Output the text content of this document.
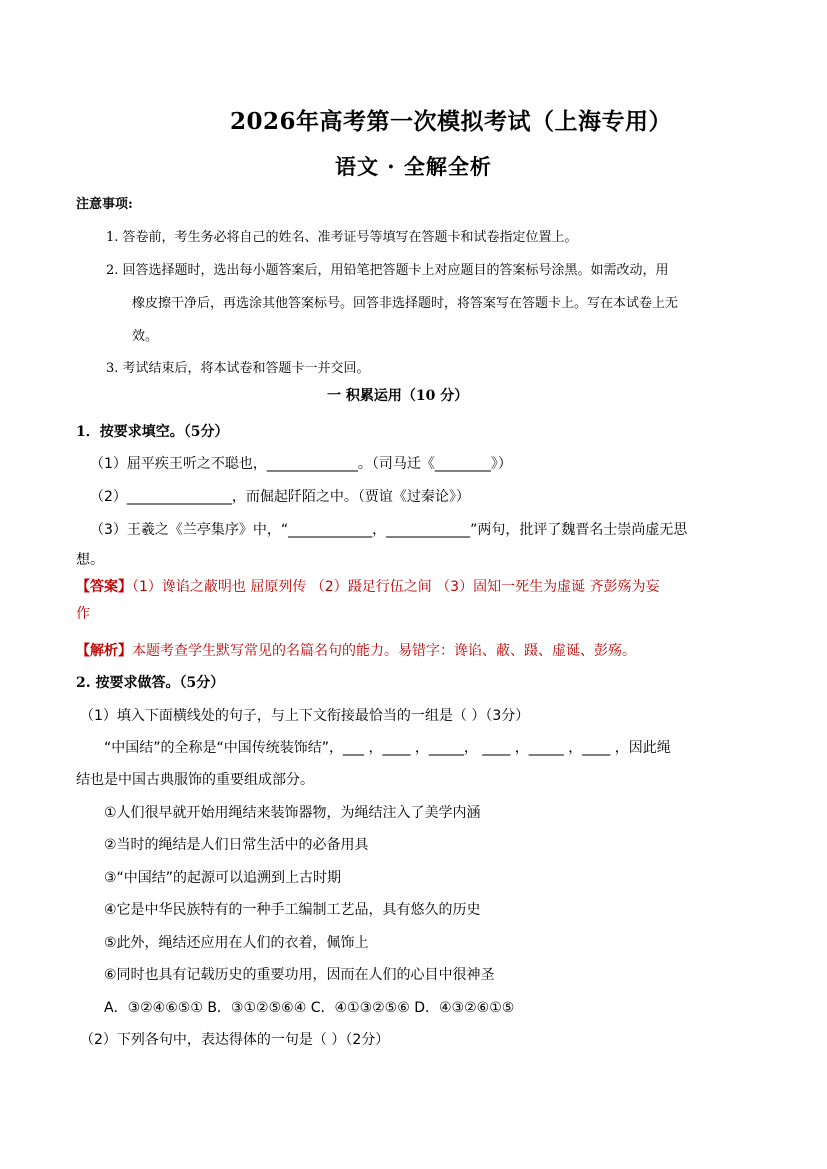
2026年高考第一次模拟考试（上海专用）
语文 · 全解全析
注意事项:
1. 答卷前，考生务必将自己的姓名、准考证号等填写在答题卡和试卷指定位置上。
2. 回答选择题时，选出每小题答案后，用铅笔把答题卡上对应题目的答案标号涂黑。如需改动，用
橡皮擦干净后，再选涂其他答案标号。回答非选择题时，将答案写在答题卡上。写在本试卷上无
效。
3. 考试结束后，将本试卷和答题卡一并交回。
一 积累运用（10 分）
1．按要求填空。（5分）
（1）屈平疾王听之不聪也，_____________。（司马迁《________》）
（2）_______________，而倔起阡陌之中。（贾谊《过秦论》）
（3）王羲之《兰亭集序》中，“____________，____________”两句，批评了魏晋名士崇尚虚无思
想。
【答案】（1）谗谄之蔽明也 屈原列传 （2）蹑足行伍之间 （3）固知一死生为虚诞 齐彭殇为妄
作
【解析】本题考查学生默写常见的名篇名句的能力。易错字：谗谄、蔽、蹑、虚诞、彭殇。
2. 按要求做答。（5分）
（1）填入下面横线处的句子，与上下文衔接最恰当的一组是（ ）（3分）
“中国结”的全称是“中国传统装饰结”，___ ，____ ，_____， ____ ，_____ ，____ ，因此绳
结也是中国古典服饰的重要组成部分。
①人们很早就开始用绳结来装饰器物，为绳结注入了美学内涵
②当时的绳结是人们日常生活中的必备用具
③“中国结”的起源可以追溯到上古时期
④它是中华民族特有的一种手工编制工艺品，具有悠久的历史
⑤此外，绳结还应用在人们的衣着，佩饰上
⑥同时也具有记载历史的重要功用，因而在人们的心目中很神圣
A．③②④⑥⑤① B．③①②⑤⑥④ C．④①③②⑤⑥ D．④③②⑥①⑤
（2）下列各句中，表达得体的一句是（ ）（2分）
